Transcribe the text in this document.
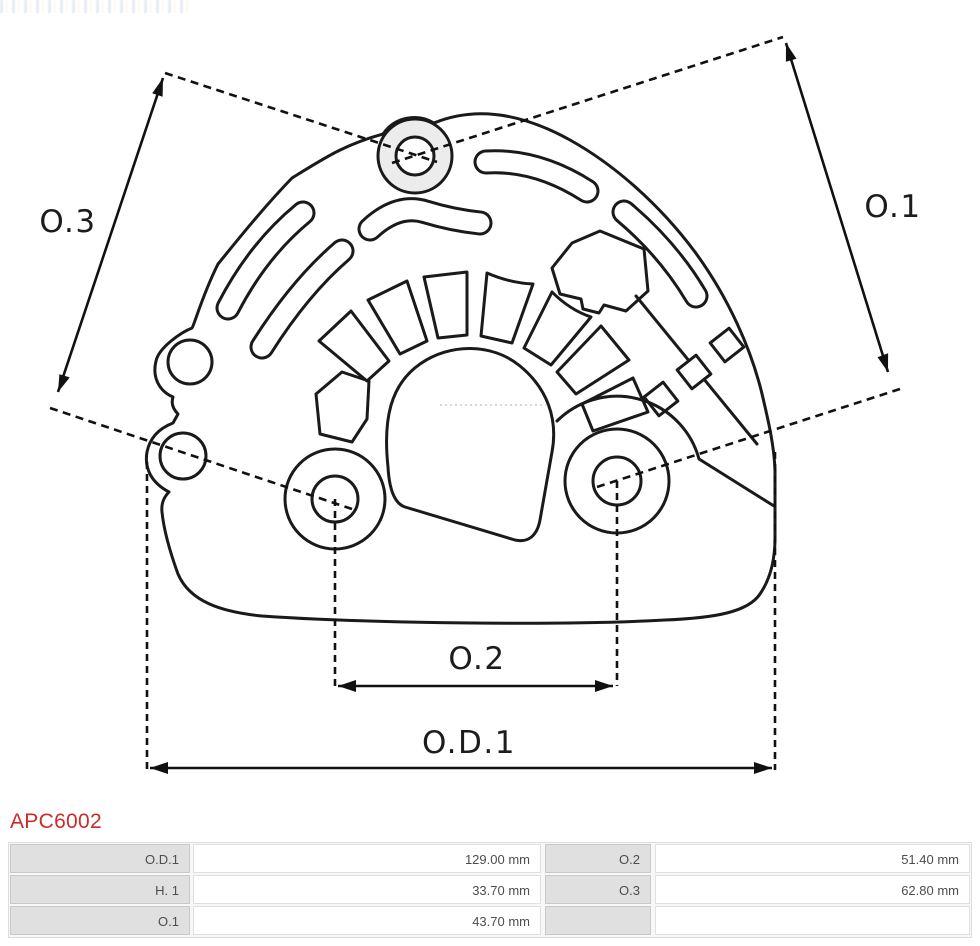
O.3	O.1
O.2
O.D.1
APC6002
O.D.1	129.00 mm	O.2	51.40 mm
H. 1	33.70 mm	O.3	62.80 mm
O.1	43.70 mm
